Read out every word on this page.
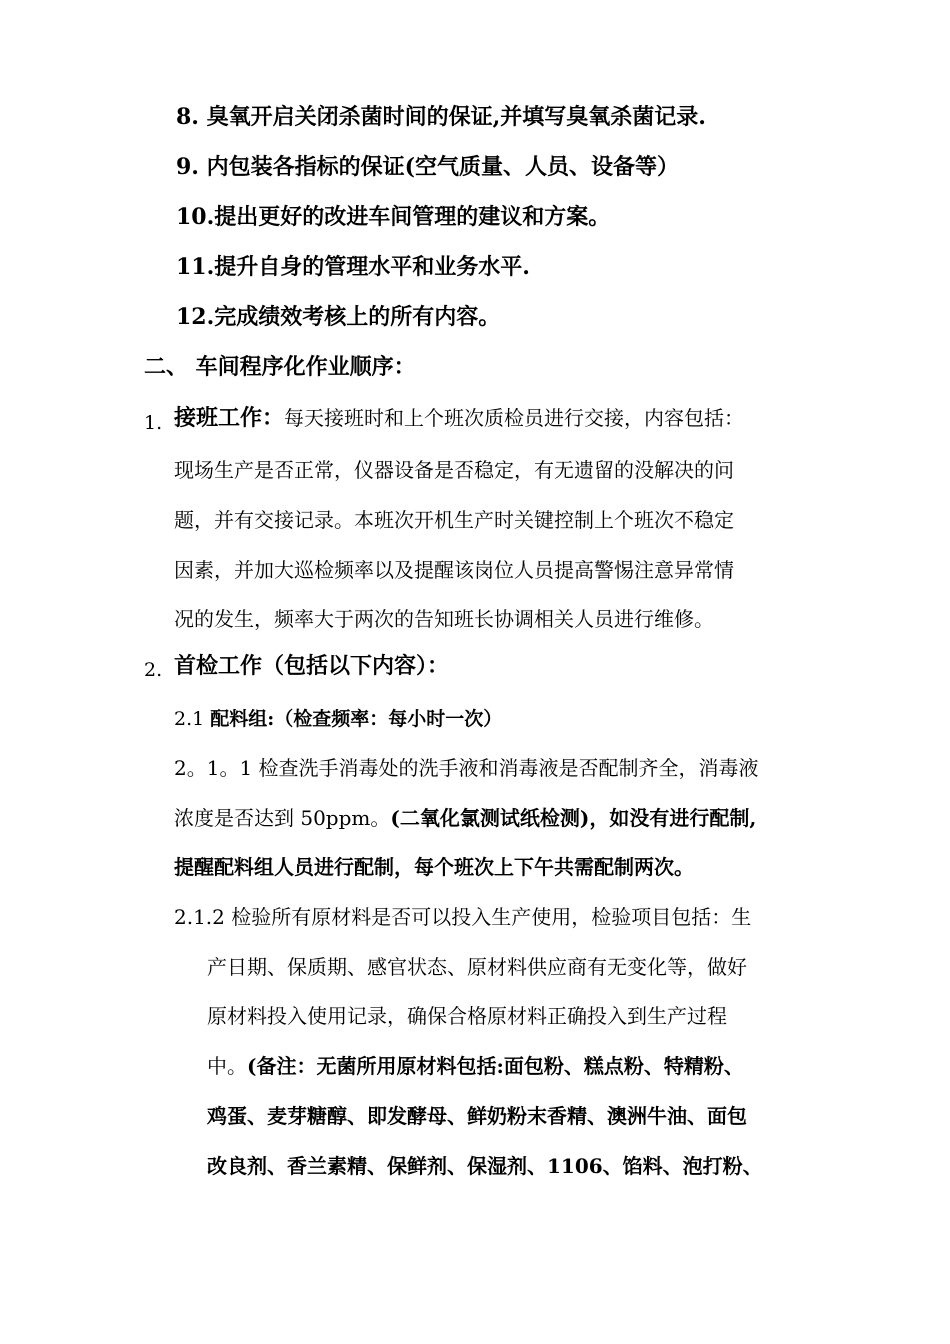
8. 臭氧开启关闭杀菌时间的保证,并填写臭氧杀菌记录.
9. 内包装各指标的保证(空气质量、人员、设备等）
10.提出更好的改进车间管理的建议和方案。
11.提升自身的管理水平和业务水平.
12.完成绩效考核上的所有内容。
二、 车间程序化作业顺序：
1. 接班工作：每天接班时和上个班次质检员进行交接，内容包括：
现场生产是否正常，仪器设备是否稳定，有无遗留的没解决的问
题，并有交接记录。本班次开机生产时关键控制上个班次不稳定
因素，并加大巡检频率以及提醒该岗位人员提高警惕注意异常情
况的发生，频率大于两次的告知班长协调相关人员进行维修。
2. 首检工作（包括以下内容）：
2.1 配料组:（检查频率：每小时一次）
2。1。1 检查洗手消毒处的洗手液和消毒液是否配制齐全，消毒液
浓度是否达到 50ppm。(二氧化氯测试纸检测)，如没有进行配制,
提醒配料组人员进行配制，每个班次上下午共需配制两次。
2.1.2 检验所有原材料是否可以投入生产使用，检验项目包括：生
产日期、保质期、感官状态、原材料供应商有无变化等，做好
原材料投入使用记录，确保合格原材料正确投入到生产过程
中。(备注：无菌所用原材料包括:面包粉、糕点粉、特精粉、
鸡蛋、麦芽糖醇、即发酵母、鲜奶粉末香精、澳洲牛油、面包
改良剂、香兰素精、保鲜剂、保湿剂、1106、馅料、泡打粉、
